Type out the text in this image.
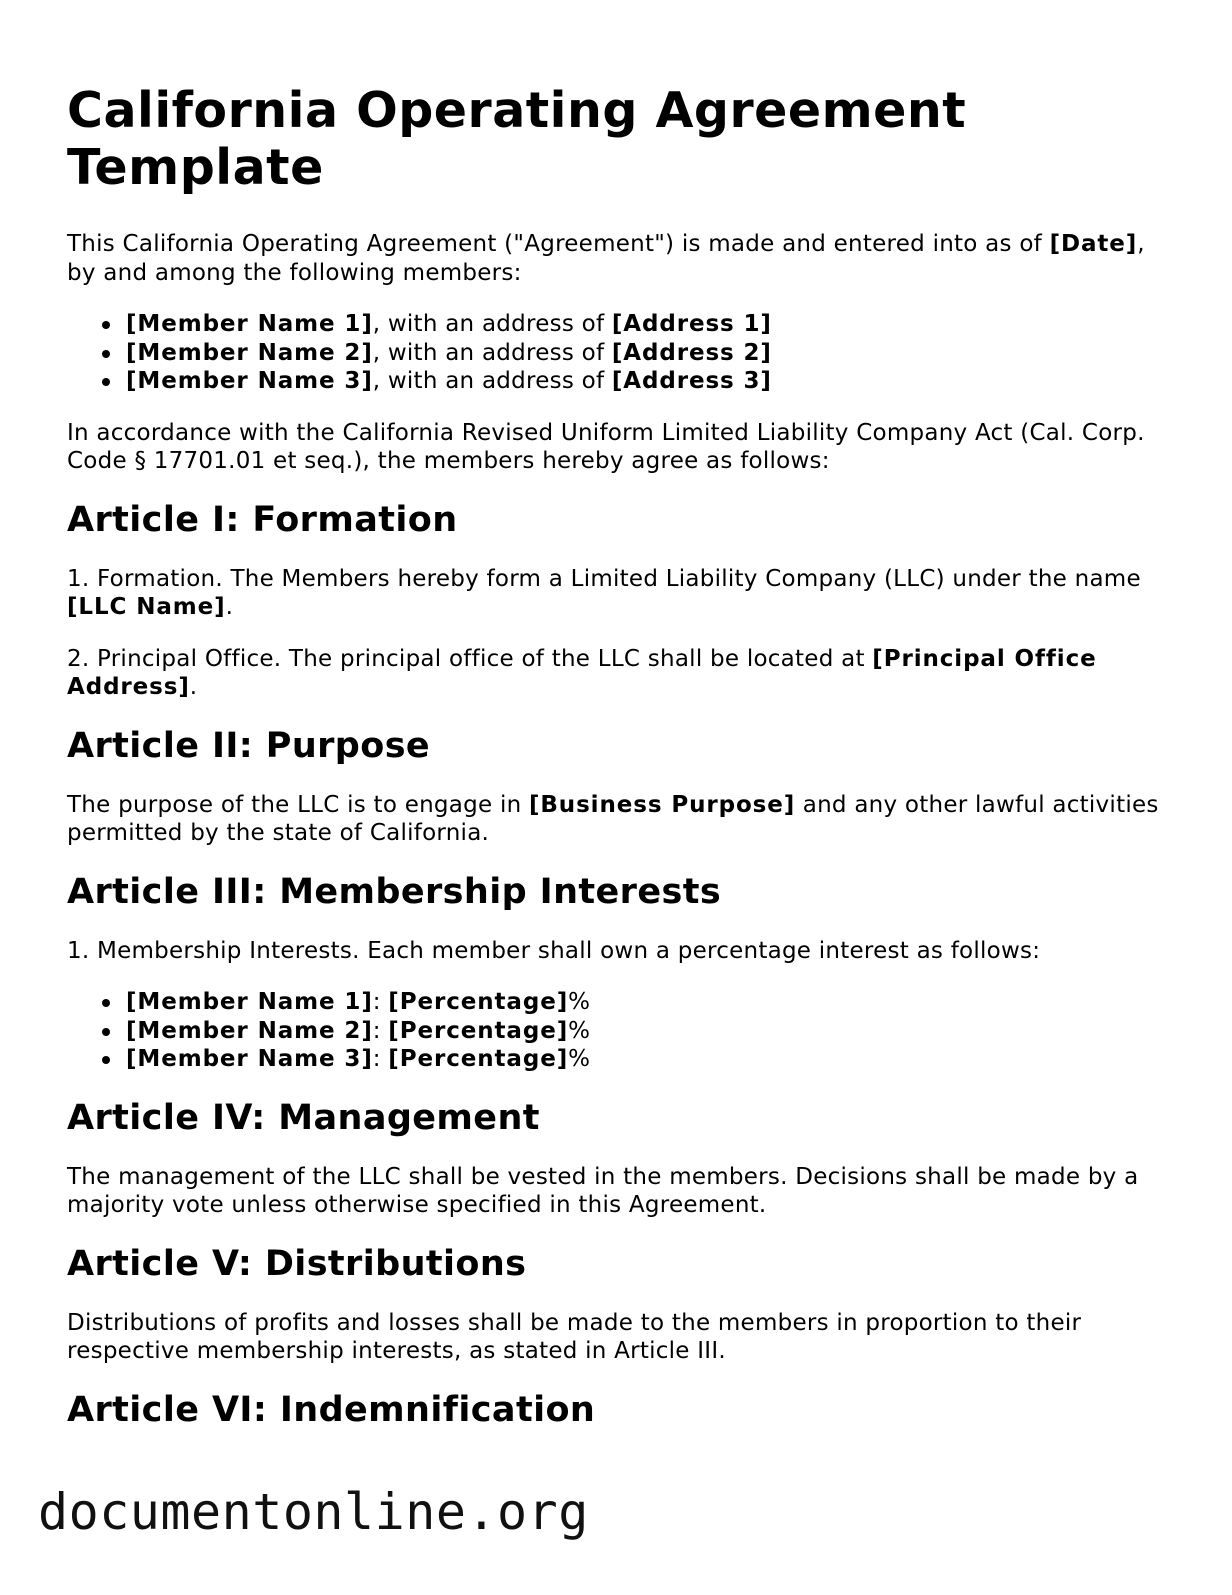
California Operating Agreement Template

This California Operating Agreement ("Agreement") is made and entered into as of [Date], by and among the following members:

[Member Name 1], with an address of [Address 1]
[Member Name 2], with an address of [Address 2]
[Member Name 3], with an address of [Address 3]

In accordance with the California Revised Uniform Limited Liability Company Act (Cal. Corp. Code § 17701.01 et seq.), the members hereby agree as follows:

Article I: Formation

1. Formation. The Members hereby form a Limited Liability Company (LLC) under the name [LLC Name].

2. Principal Office. The principal office of the LLC shall be located at [Principal Office Address].

Article II: Purpose

The purpose of the LLC is to engage in [Business Purpose] and any other lawful activities permitted by the state of California.

Article III: Membership Interests

1. Membership Interests. Each member shall own a percentage interest as follows:

[Member Name 1]: [Percentage]%
[Member Name 2]: [Percentage]%
[Member Name 3]: [Percentage]%
Article IV: Management

The management of the LLC shall be vested in the members. Decisions shall be made by a majority vote unless otherwise specified in this Agreement.

Article V: Distributions

Distributions of profits and losses shall be made to the members in proportion to their respective membership interests, as stated in Article III.

Article VI: Indemnification
documentonline.org
